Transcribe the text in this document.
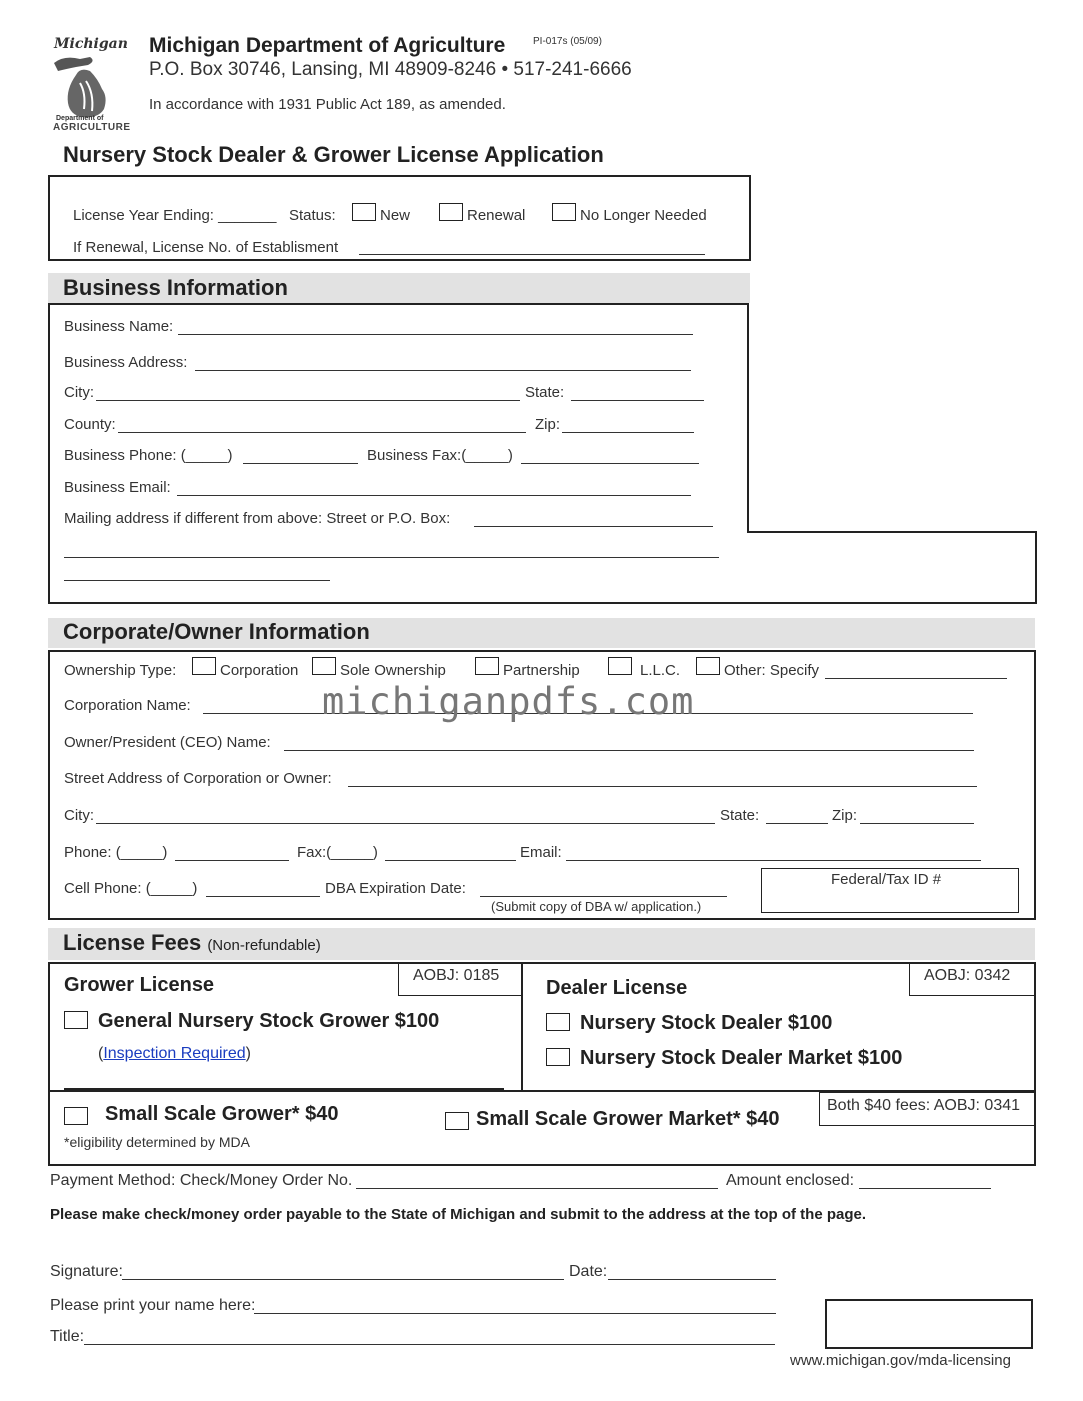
Michigan
Department of
AGRICULTURE
Michigan Department of Agriculture	PI-017s (05/09)
P.O. Box 30746, Lansing, MI 48909-8246 • 517-241-6666
In accordance with 1931 Public Act 189, as amended.
Nursery Stock Dealer & Grower License Application
License Year Ending: _______ Status:	New	Renewal	No Longer Needed
If Renewal, License No. of Establisment
Business Information
Business Name:
Business Address:
City:	State:
County:	Zip:
Business Phone: (_____)	Business Fax:(_____)
Business Email:
Mailing address if different from above: Street or P.O. Box:
Corporate/Owner Information
Ownership Type:	Corporation	Sole Ownership	Partnership	L.L.C.	Other: Specify
Corporation Name:	michiganpdfs.com
Owner/President (CEO) Name:
Street Address of Corporation or Owner:
City:	State:	Zip:
Phone: (_____)	Fax:(_____)	Email:
Cell Phone: (_____)	DBA Expiration Date:
(Submit copy of DBA w/ application.)
Federal/Tax ID #
License Fees (Non-refundable)
Grower License	AOBJ: 0185
General Nursery Stock Grower $100
(Inspection Required)
Dealer License
AOBJ: 0342
Nursery Stock Dealer $100
Nursery Stock Dealer Market $100
Small Scale Grower* $40
*eligibility determined by MDA
Small Scale Grower Market* $40
Both $40 fees: AOBJ: 0341
Payment Method: Check/Money Order No.	Amount enclosed:
Please make check/money order payable to the State of Michigan and submit to the address at the top of the page.
Signature:	Date:
Please print your name here:
Title:
www.michigan.gov/mda-licensing
